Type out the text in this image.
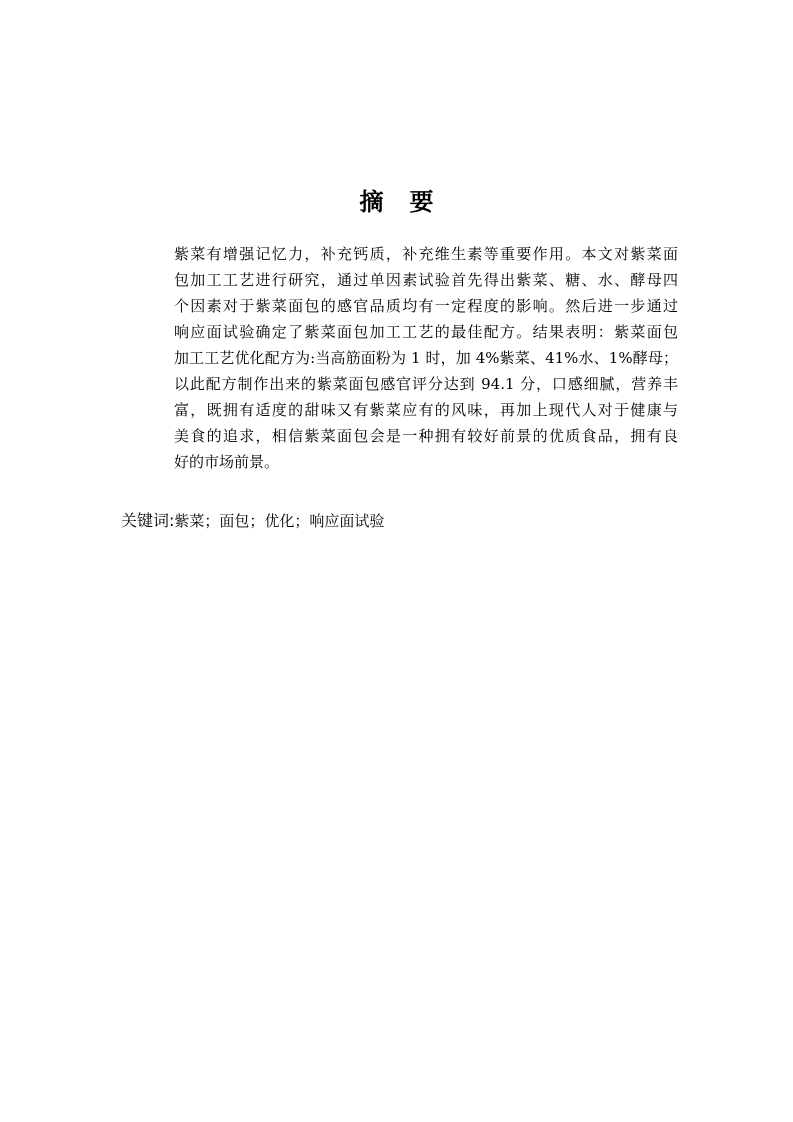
摘 要
紫菜有增强记忆力，补充钙质，补充维生素等重要作用。本文对紫菜面
包加工工艺进行研究，通过单因素试验首先得出紫菜、糖、水、酵母四
个因素对于紫菜面包的感官品质均有一定程度的影响。然后进一步通过
响应面试验确定了紫菜面包加工工艺的最佳配方。结果表明：紫菜面包
加工工艺优化配方为:当高筋面粉为 1 时，加 4%紫菜、41%水、1%酵母；
以此配方制作出来的紫菜面包感官评分达到 94.1 分，口感细腻，营养丰
富，既拥有适度的甜味又有紫菜应有的风味，再加上现代人对于健康与
美食的追求，相信紫菜面包会是一种拥有较好前景的优质食品，拥有良
好的市场前景。
关键词:紫菜；面包；优化；响应面试验
